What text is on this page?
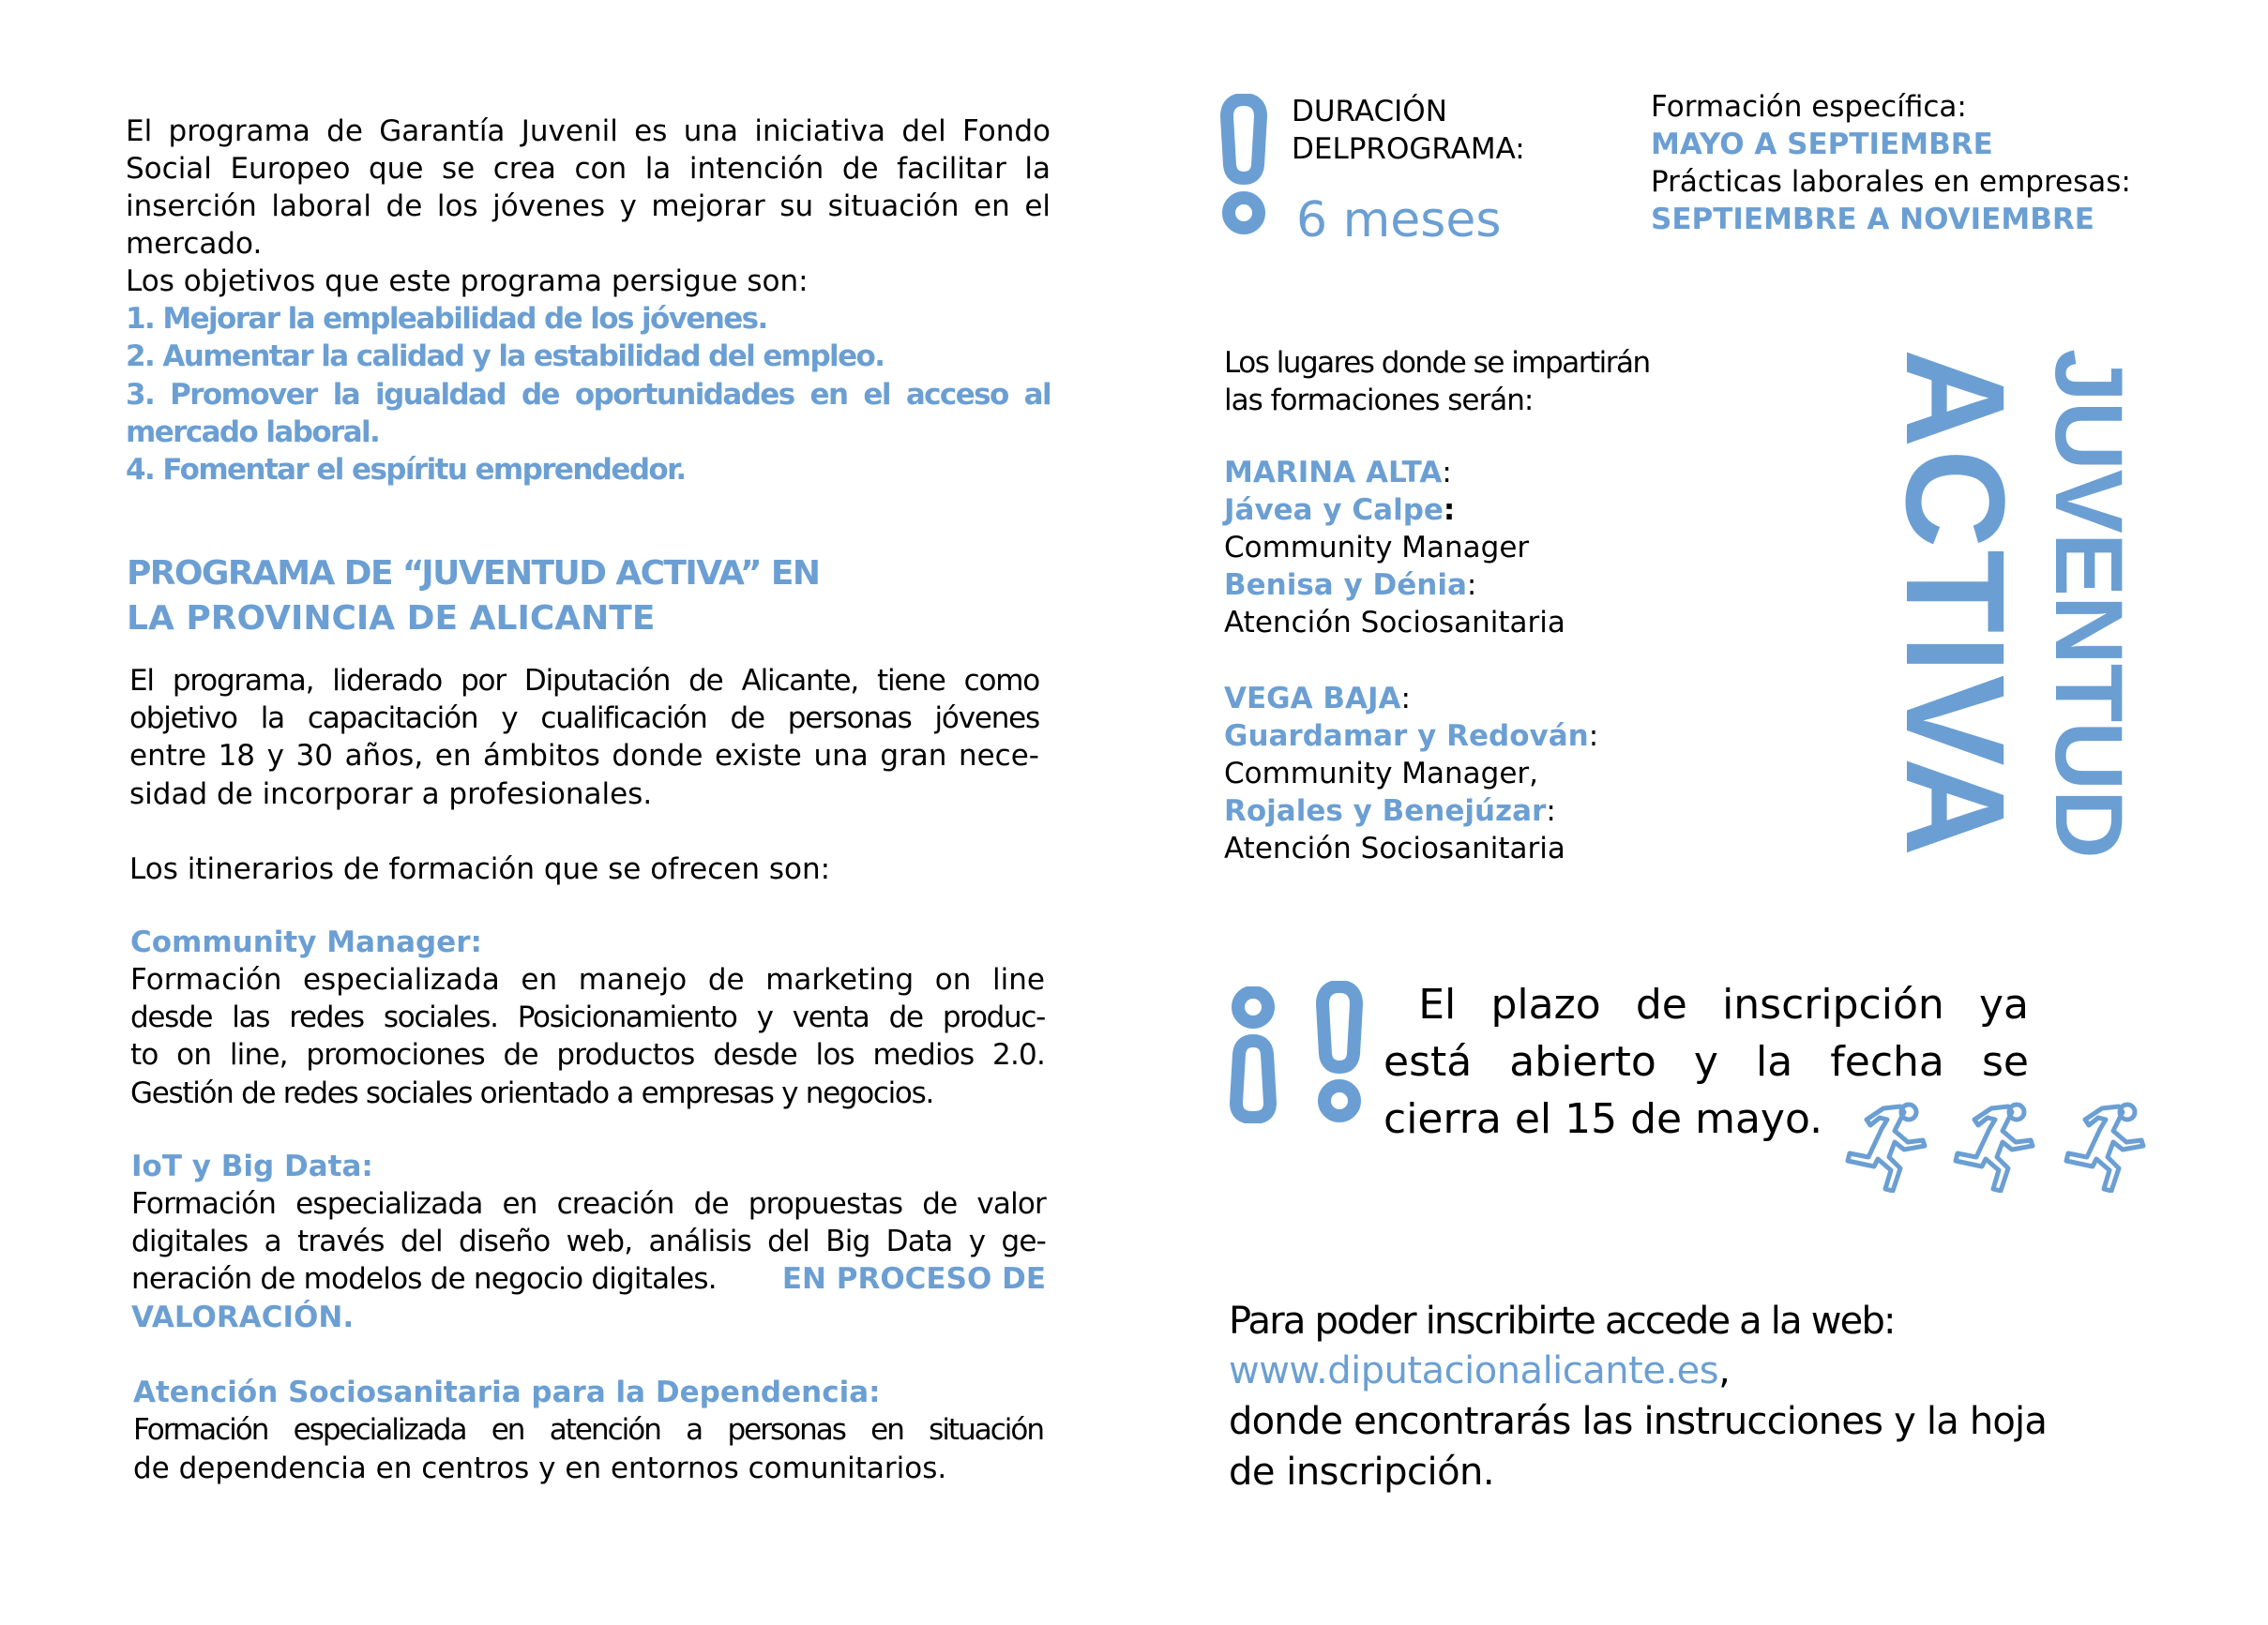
El programa de Garantía Juvenil es una iniciativa del Fondo
Social Europeo que se crea con la intención de facilitar la
inserción laboral de los jóvenes y mejorar su situación en el
mercado.
Los objetivos que este programa persigue son:
1. Mejorar la empleabilidad de los jóvenes.
2. Aumentar la calidad y la estabilidad del empleo.
3. Promover la igualdad de oportunidades en el acceso al
mercado laboral.
4. Fomentar el espíritu emprendedor.
PROGRAMA DE “JUVENTUD ACTIVA” EN
LA PROVINCIA DE ALICANTE
El programa, liderado por Diputación de Alicante, tiene como
objetivo la capacitación y cualificación de personas jóvenes
entre 18 y 30 años, en ámbitos donde existe una gran nece-
sidad de incorporar a profesionales.
Los itinerarios de formación que se ofrecen son:
Community Manager:
Formación especializada en manejo de marketing on line
desde las redes sociales. Posicionamiento y venta de produc-
to on line, promociones de productos desde los medios 2.0.
Gestión de redes sociales orientado a empresas y negocios.
IoT y Big Data:
Formación especializada en creación de propuestas de valor
digitales a través del diseño web, análisis del Big Data y ge-
neración de modelos de negocio digitales. EN PROCESO DE
VALORACIÓN.
Atención Sociosanitaria para la Dependencia:
Formación especializada en atención a personas en situación
de dependencia en centros y en entornos comunitarios.
DURACIÓN
DELPROGRAMA:
6 meses
Formación específica:
MAYO A SEPTIEMBRE
Prácticas laborales en empresas:
SEPTIEMBRE A NOVIEMBRE
Los lugares donde se impartirán
las formaciones serán:
MARINA ALTA:
Jávea y Calpe:
Community Manager
Benisa y Dénia:
Atención Sociosanitaria
VEGA BAJA:
Guardamar y Redován:
Community Manager,
Rojales y Benejúzar:
Atención Sociosanitaria	JUVENTUD
ACTIVA
El plazo de inscripción ya
está abierto y la fecha se
cierra el 15 de mayo.
Para poder inscribirte accede a la web:
www.diputacionalicante.es,
donde encontrarás las instrucciones y la hoja
de inscripción.
